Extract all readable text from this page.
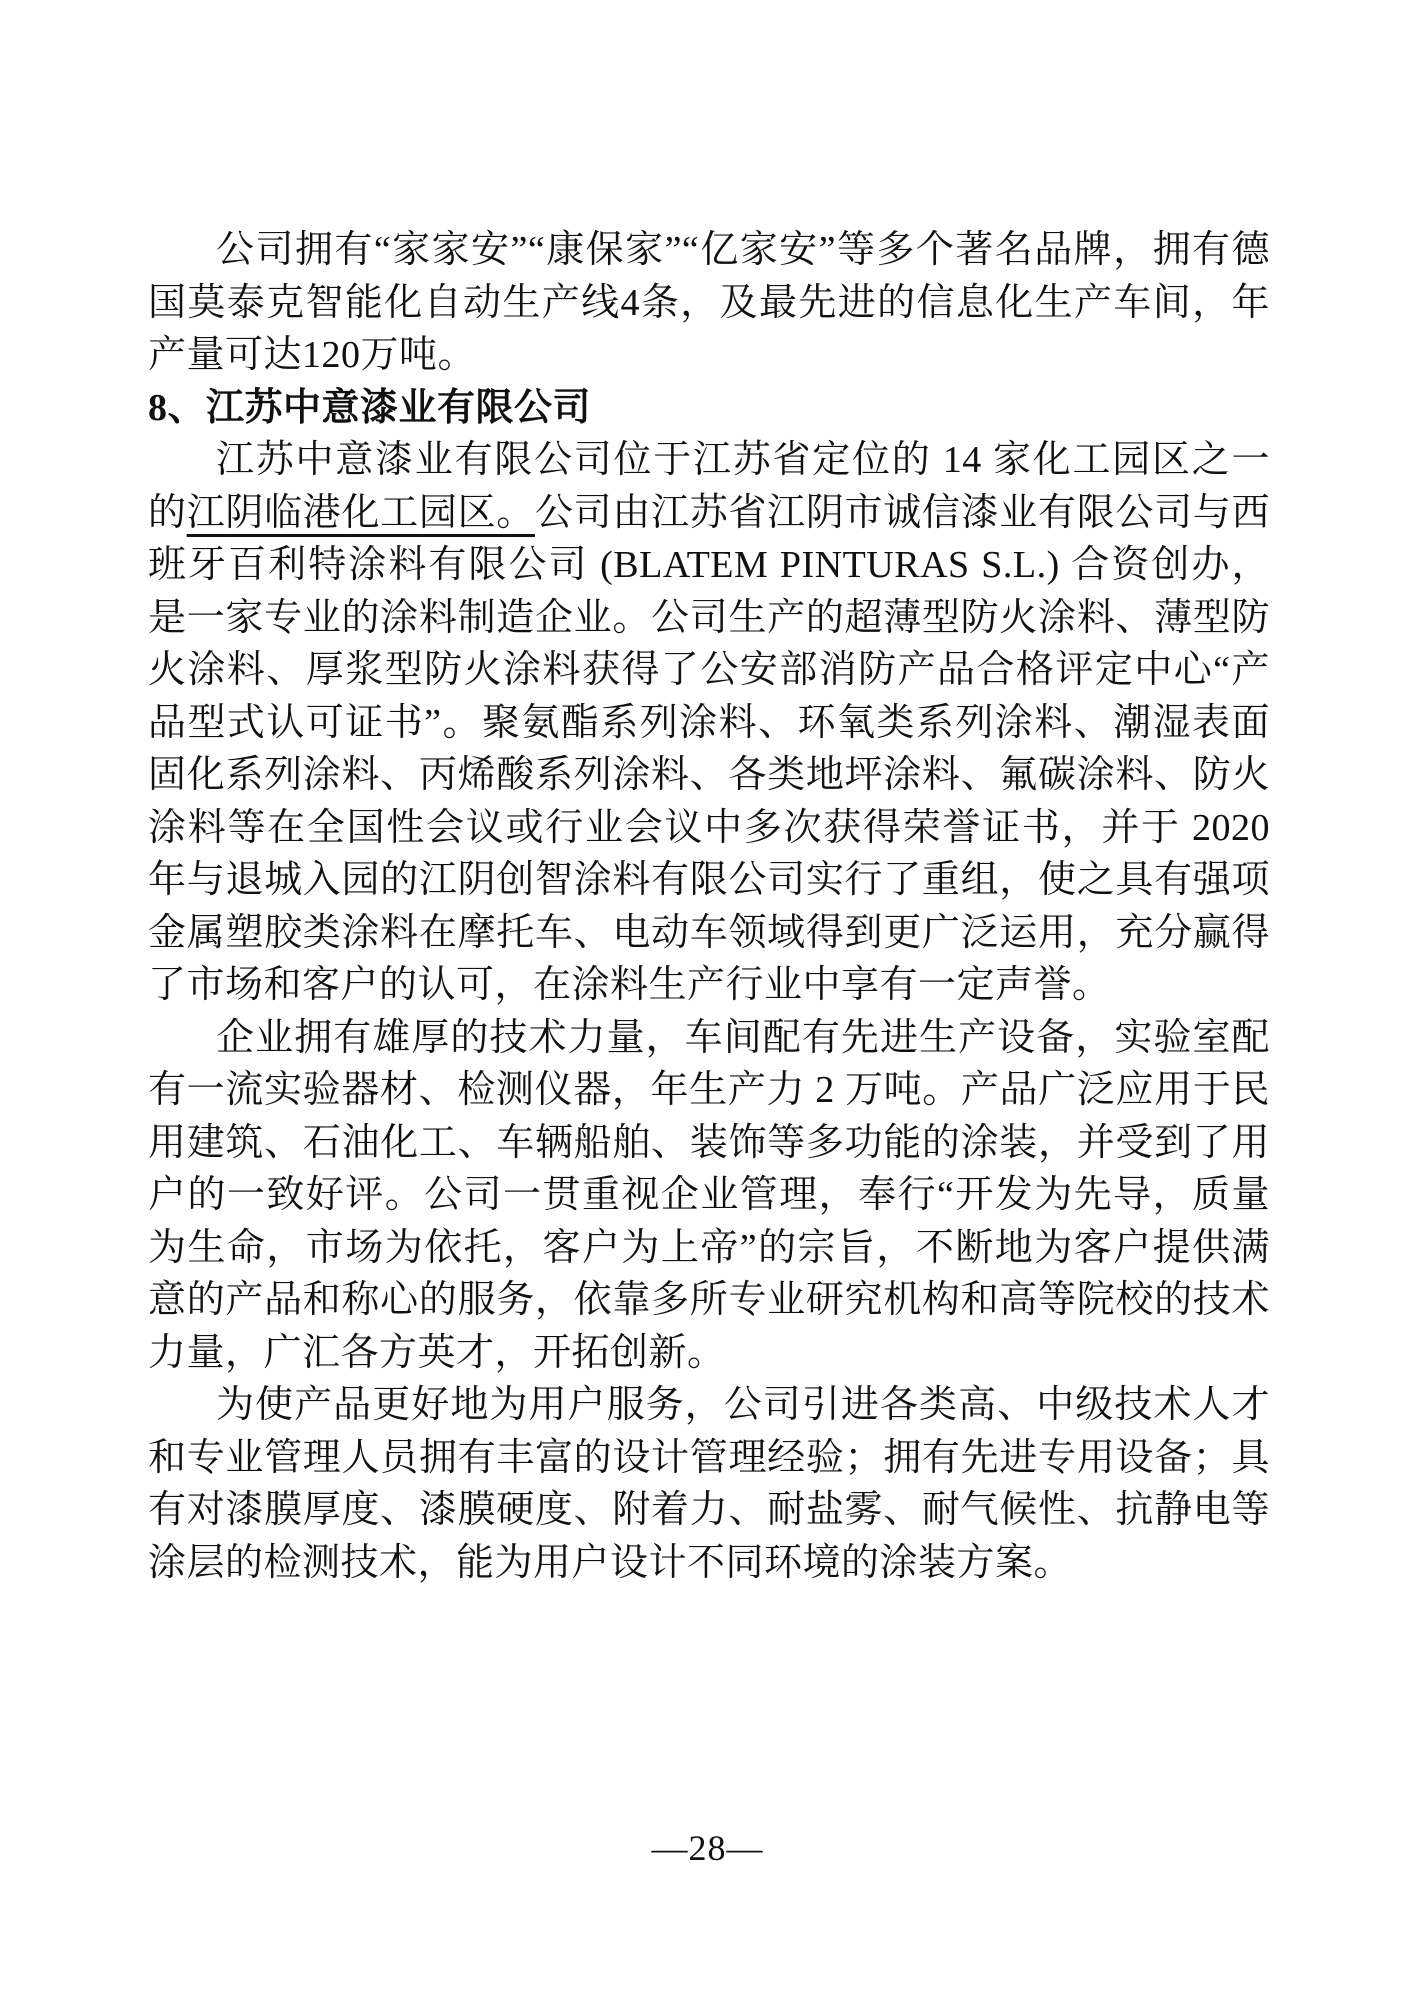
公司拥有“家家安”“康保家”“亿家安”等多个著名品牌，拥有德国莫泰克智能化自动生产线4条，及最先进的信息化生产车间，年产量可达120万吨。

8、江苏中意漆业有限公司

江苏中意漆业有限公司位于江苏省定位的 14 家化工园区之一的江阴临港化工园区。公司由江苏省江阴市诚信漆业有限公司与西班牙百利特涂料有限公司 (BLATEM PINTURAS S.L.) 合资创办，是一家专业的涂料制造企业。公司生产的超薄型防火涂料、薄型防火涂料、厚浆型防火涂料获得了公安部消防产品合格评定中心“产品型式认可证书”。聚氨酯系列涂料、环氧类系列涂料、潮湿表面固化系列涂料、丙烯酸系列涂料、各类地坪涂料、氟碳涂料、防火涂料等在全国性会议或行业会议中多次获得荣誉证书，并于 2020 年与退城入园的江阴创智涂料有限公司实行了重组，使之具有强项金属塑胶类涂料在摩托车、电动车领域得到更广泛运用，充分赢得了市场和客户的认可，在涂料生产行业中享有一定声誉。

企业拥有雄厚的技术力量，车间配有先进生产设备，实验室配有一流实验器材、检测仪器，年生产力 2 万吨。产品广泛应用于民用建筑、石油化工、车辆船舶、装饰等多功能的涂装，并受到了用户的一致好评。公司一贯重视企业管理，奉行“开发为先导，质量为生命，市场为依托，客户为上帝”的宗旨，不断地为客户提供满意的产品和称心的服务，依靠多所专业研究机构和高等院校的技术力量，广汇各方英才，开拓创新。

为使产品更好地为用户服务，公司引进各类高、中级技术人才和专业管理人员拥有丰富的设计管理经验；拥有先进专用设备；具有对漆膜厚度、漆膜硬度、附着力、耐盐雾、耐气候性、抗静电等涂层的检测技术，能为用户设计不同环境的涂装方案。

—28—
